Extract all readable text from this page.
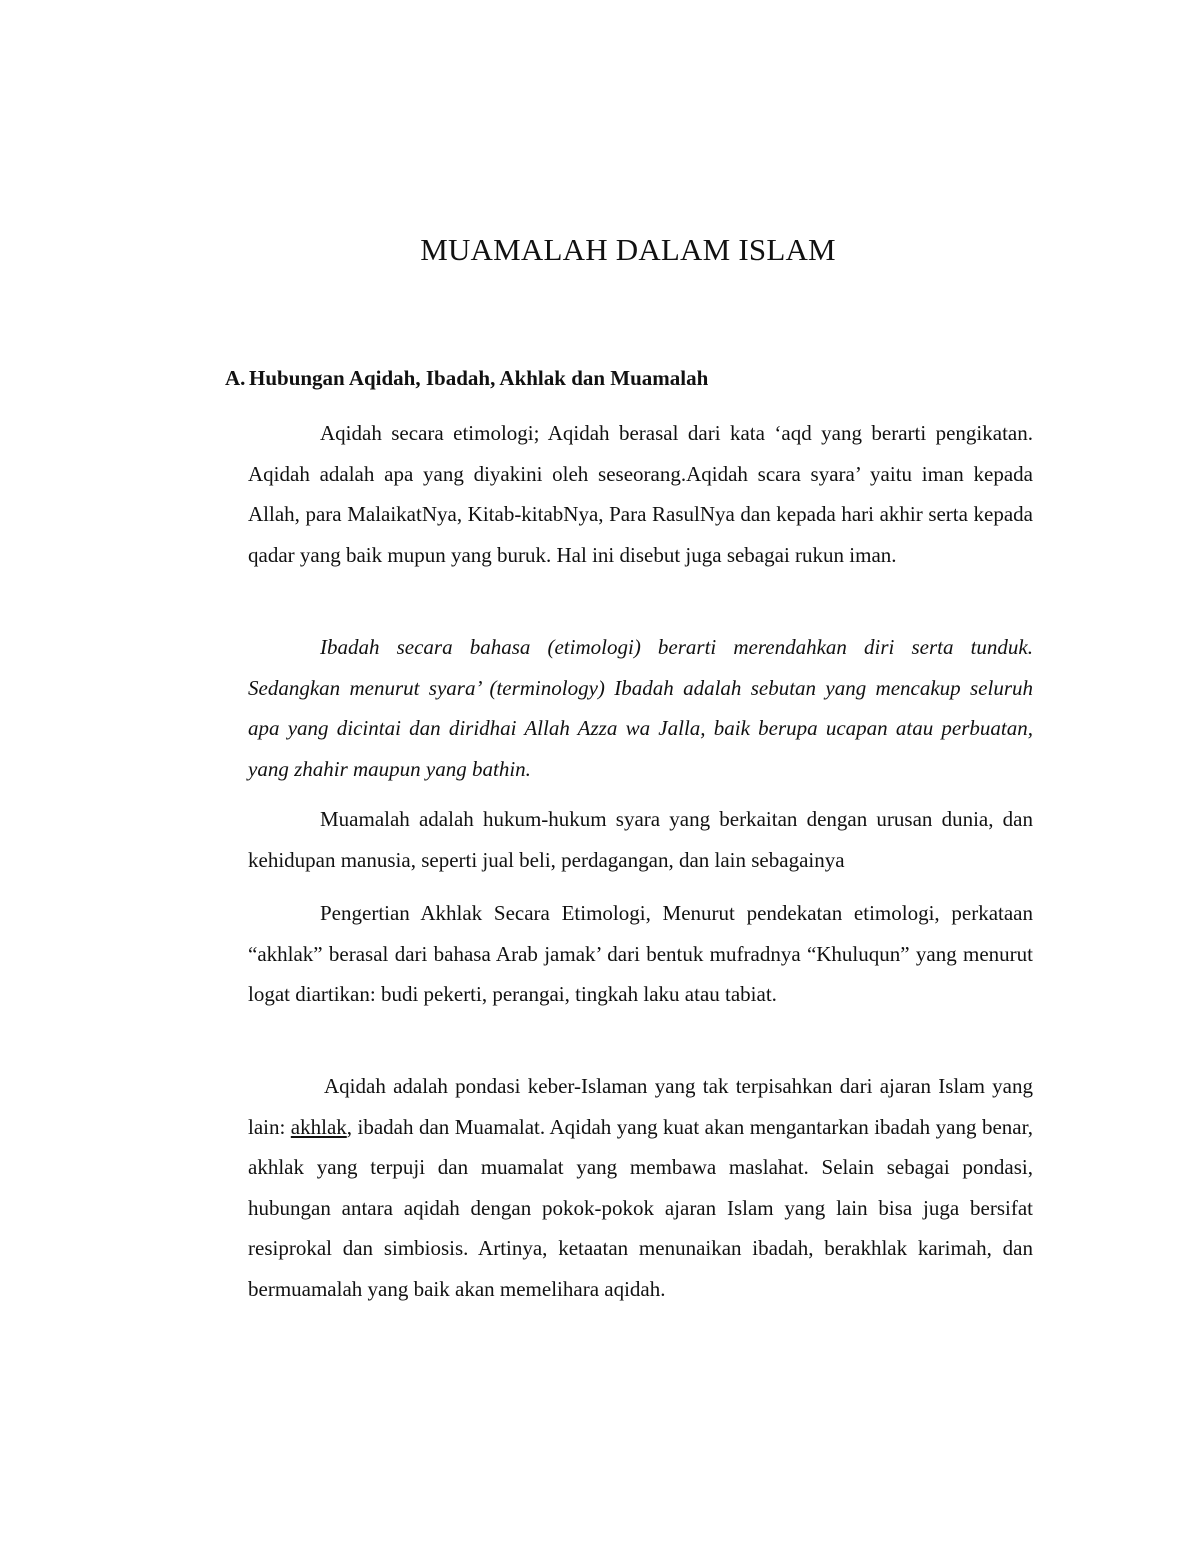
MUAMALAH DALAM ISLAM
A. Hubungan Aqidah, Ibadah, Akhlak dan Muamalah

Aqidah secara etimologi; Aqidah berasal dari kata ‘aqd yang berarti pengikatan. Aqidah adalah apa yang diyakini oleh seseorang.Aqidah scara syara’ yaitu iman kepada Allah, para MalaikatNya, Kitab-kitabNya, Para RasulNya dan kepada hari akhir serta kepada qadar yang baik mupun yang buruk. Hal ini disebut juga sebagai rukun iman.

Ibadah secara bahasa (etimologi) berarti merendahkan diri serta tunduk. Sedangkan menurut syara’ (terminology) Ibadah adalah sebutan yang mencakup seluruh apa yang dicintai dan diridhai Allah Azza wa Jalla, baik berupa ucapan atau perbuatan, yang zhahir maupun yang bathin.

Muamalah adalah hukum-hukum syara yang berkaitan dengan urusan dunia, dan kehidupan manusia, seperti jual beli, perdagangan, dan lain sebagainya

Pengertian Akhlak Secara Etimologi, Menurut pendekatan etimologi, perkataan “akhlak” berasal dari bahasa Arab jamak’ dari bentuk mufradnya “Khuluqun” yang menurut logat diartikan: budi pekerti, perangai, tingkah laku atau tabiat.

Aqidah adalah pondasi keber-Islaman yang tak terpisahkan dari ajaran Islam yang lain: akhlak, ibadah dan Muamalat. Aqidah yang kuat akan mengantarkan ibadah yang benar, akhlak yang terpuji dan muamalat yang membawa maslahat. Selain sebagai pondasi, hubungan antara aqidah dengan pokok-pokok ajaran Islam yang lain bisa juga bersifat resiprokal dan simbiosis. Artinya, ketaatan menunaikan ibadah, berakhlak karimah, dan bermuamalah yang baik akan memelihara aqidah.
